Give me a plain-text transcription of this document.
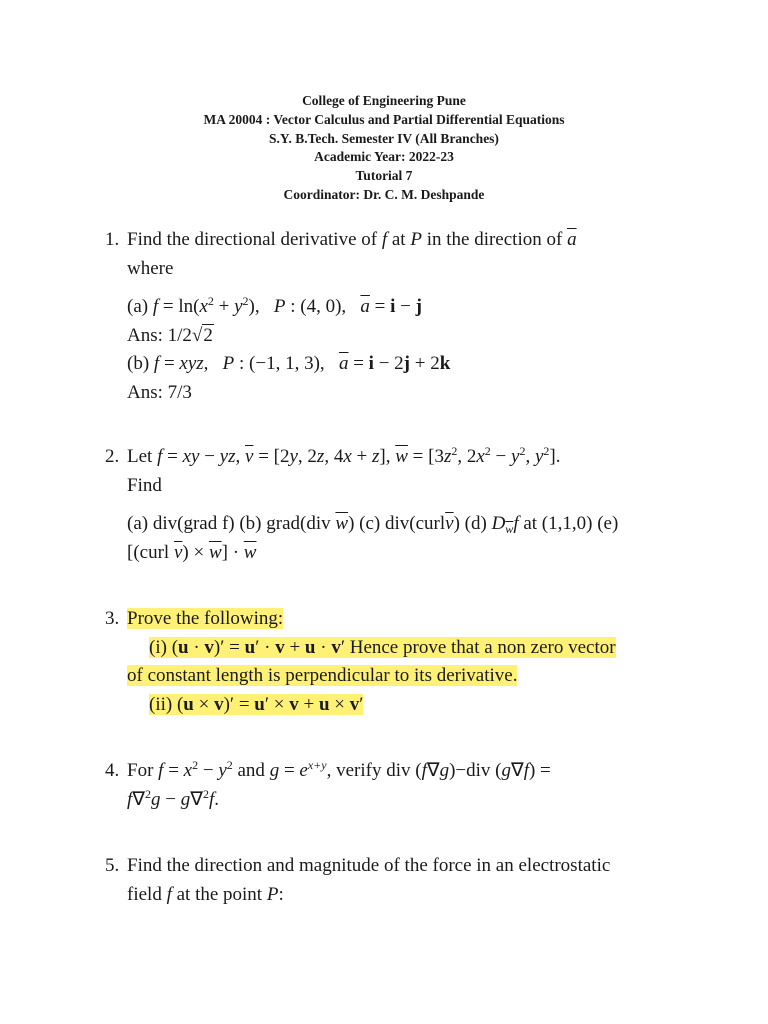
College of Engineering Pune
MA 20004 : Vector Calculus and Partial Differential Equations
S.Y. B.Tech. Semester IV (All Branches)
Academic Year: 2022-23
Tutorial 7
Coordinator: Dr. C. M. Deshpande
1. Find the directional derivative of f at P in the direction of $\overline{a}$
where
(a) $f = \ln(x^2 + y^2)$,   P : (4, 0),   $\overline{a} = i - j$
Ans: 1/2√2
(b) f = xyz,   P : (−1, 1, 3),   $\overline{a} = i - 2j + 2k$
Ans: 7/3
2. Let f = xy − yz, $\overline{v} = [2y$, 2z, 4x + z], $\overline{w} = [3z^2$, $2x^2 - y^2$, $y^2$].
Find
(a) div(grad f) (b) grad(div $\overline{w}$) (c) $div(curl\overline{v})$ (d) $D_{\overline{w}}f$ at (1,1,0) (e)
[(curl $\overline{v}) \times \overline{w}] \cdot \overline{w}$
3. Prove the following:
(i) (u · v)′ = u′ · v + u · v′ Hence prove that a non zero vector
of constant length is perpendicular to its derivative.
(ii) (u × v)′ = u′ × v + u × v′
4. For $f = x^2 - y^2$ and $g = e^{x+y}$, verify div (f∇g)−div (g∇f) =
f∇$^2$g − g∇$^2$f.
5. Find the direction and magnitude of the force in an electrostatic
field f at the point P:
